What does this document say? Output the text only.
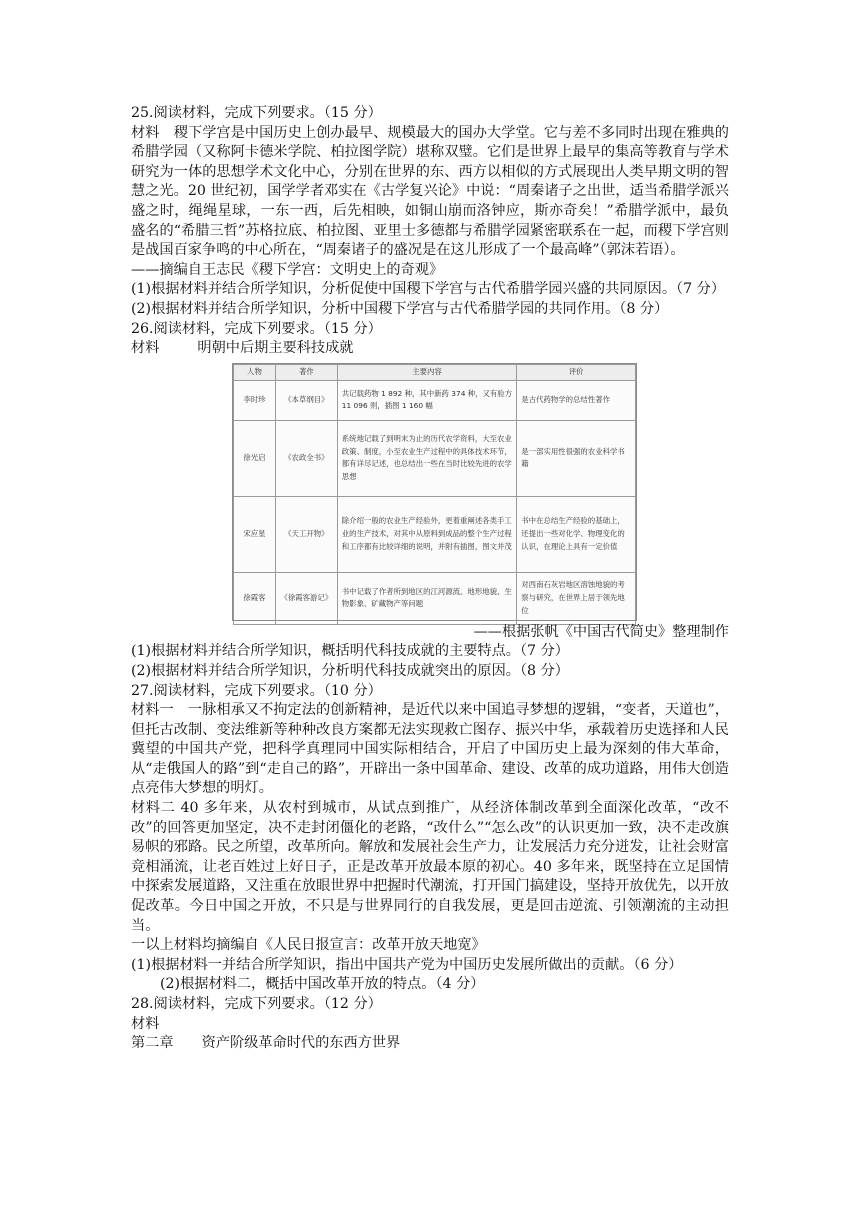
25.阅读材料，完成下列要求。（15 分）

材料　稷下学宫是中国历史上创办最早、规模最大的国办大学堂。它与差不多同时出现在雅典的希腊学园（又称阿卡德米学院、柏拉图学院）堪称双璧。它们是世界上最早的集高等教育与学术研究为一体的思想学术文化中心，分别在世界的东、西方以相似的方式展现出人类早期文明的智慧之光。20 世纪初，国学学者邓实在《古学复兴论》中说：“周秦诸子之出世，适当希腊学派兴盛之时，绳绳星球，一东一西，后先相映，如铜山崩而洛钟应，斯亦奇矣！”希腊学派中，最负盛名的“希腊三哲”苏格拉底、柏拉图、亚里士多德都与希腊学园紧密联系在一起，而稷下学宫则是战国百家争鸣的中心所在，“周秦诸子的盛况是在这儿形成了一个最高峰”（郭沫若语）。

——摘编自王志民《稷下学宫：文明史上的奇观》

(1)根据材料并结合所学知识，分析促使中国稷下学宫与古代希腊学园兴盛的共同原因。（7 分）

(2)根据材料并结合所学知识，分析中国稷下学宫与古代希腊学园的共同作用。（8 分）

26.阅读材料，完成下列要求。（15 分）

材料	明朝中后期主要科技成就

人物	著作	主要内容	评价
李时珍	《本草纲目》	共记载药物 1 892 种，其中新药 374 种，又有验方 11 096 则，插图 1 160 幅	是古代药物学的总结性著作
徐光启	《农政全书》	系统地记载了到明末为止的历代农学资料，大至农业政策、制度，小至农业生产过程中的具体技术环节，都有详尽记述，也总结出一些在当时比较先进的农学思想	是一部实用性很强的农业科学书籍
宋应星	《天工开物》	除介绍一般的农业生产经验外，更着重阐述各类手工业的生产技术，对其中从原料到成品的整个生产过程和工序都有比较详细的说明，并附有插图，图文并茂	书中在总结生产经验的基础上，还提出一些对化学、物理变化的认识，在理论上具有一定价值
徐霞客	《徐霞客游记》	书中记载了作者所到地区的江河源流、地形地貌、生物影象、矿藏物产等问题	对西南石灰岩地区溶蚀地貌的考察与研究，在世界上居于领先地位

——根据张帆《中国古代简史》整理制作

(1)根据材料并结合所学知识，概括明代科技成就的主要特点。（7 分）

(2)根据材料并结合所学知识，分析明代科技成就突出的原因。（8 分）

27.阅读材料，完成下列要求。（10 分）

材料一　一脉相承又不拘定法的创新精神，是近代以来中国追寻梦想的逻辑，“变者，天道也”，但托古改制、变法维新等种种改良方案都无法实现救亡图存、振兴中华，承载着历史选择和人民冀望的中国共产党，把科学真理同中国实际相结合，开启了中国历史上最为深刻的伟大革命，从“走俄国人的路”到“走自己的路”，开辟出一条中国革命、建设、改革的成功道路，用伟大创造点亮伟大梦想的明灯。

材料二 40 多年来，从农村到城市，从试点到推广，从经济体制改革到全面深化改革，“改不改”的回答更加坚定，决不走封闭僵化的老路，“改什么”“怎么改”的认识更加一致，决不走改旗易帜的邪路。民之所望，改革所向。解放和发展社会生产力，让发展活力充分迸发，让社会财富竞相涌流，让老百姓过上好日子，正是改革开放最本原的初心。40 多年来，既坚持在立足国情中探索发展道路，又注重在放眼世界中把握时代潮流，打开国门搞建设，坚持开放优先，以开放促改革。今日中国之开放，不只是与世界同行的自我发展，更是回击逆流、引领潮流的主动担当。

一以上材料均摘编自《人民日报宣言：改革开放天地宽》

(1)根据材料一并结合所学知识，指出中国共产党为中国历史发展所做出的贡献。（6 分）

(2)根据材料二，概括中国改革开放的特点。（4 分）

28.阅读材料，完成下列要求。（12 分）

材料

第二章 资产阶级革命时代的东西方世界
